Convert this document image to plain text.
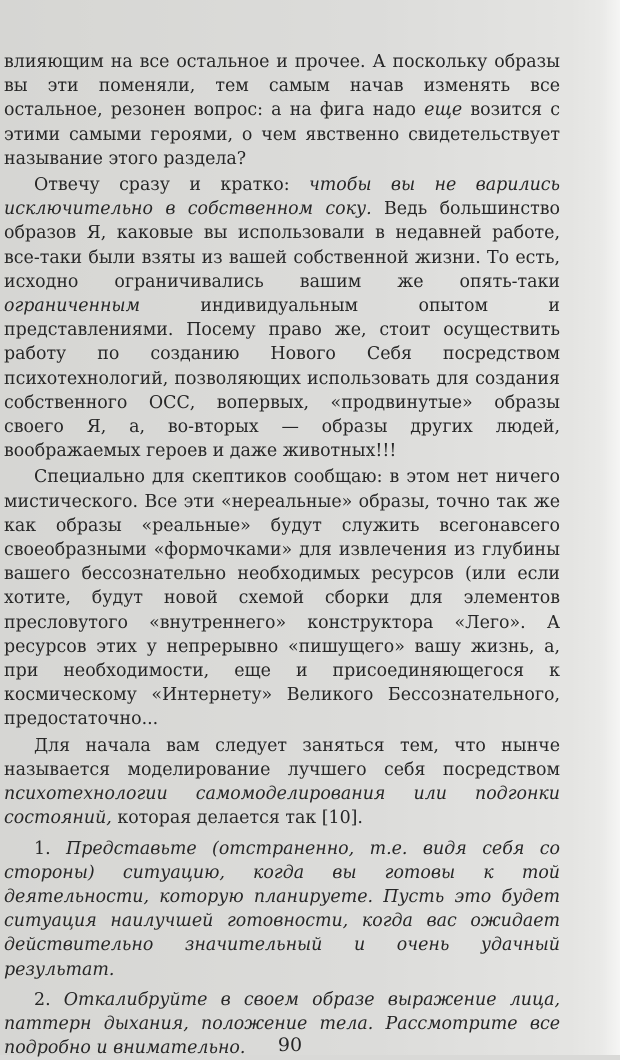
влияющим на все остальное и прочее. А поскольку образы вы эти поменяли, тем самым начав изменять все остальное, резонен вопрос: а на фига надо еще возится с этими самыми героями, о чем явственно свидетельствует называние этого раздела?

Отвечу сразу и кратко: чтобы вы не варились исключительно в собственном соку. Ведь большинство образов Я, каковые вы использовали в недавней работе, все-таки были взяты из вашей собственной жизни. То есть, исходно ограничивались вашим же опять-таки ограниченным индивидуальным опытом и представлениями. Посему право же, стоит осуществить работу по созданию Нового Себя посредством психотехнологий, позволяющих использовать для создания собственного ОСС, вопервых, «продвинутые» образы своего Я, а, во-вторых — образы других людей, воображаемых героев и даже животных!!!

Специально для скептиков сообщаю: в этом нет ничего мистического. Все эти «нереальные» образы, точно так же как образы «реальные» будут служить всегонавсего своеобразными «формочками» для извлечения из глубины вашего бессознательно необходимых ресурсов (или если хотите, будут новой схемой сборки для элементов пресловутого «внутреннего» конструктора «Лего». А ресурсов этих у непрерывно «пишущего» вашу жизнь, а, при необходимости, еще и присоединяющегося к космическому «Интернету» Великого Бессознательного, предостаточно...

Для начала вам следует заняться тем, что нынче называется моделирование лучшего себя посредством психотехнологии самомоделирования или подгонки состояний, которая делается так [10].

1. Представьте (отстраненно, т.е. видя себя со стороны) ситуацию, когда вы готовы к той деятельности, которую планируете. Пусть это будет ситуация наилучшей готовности, когда вас ожидает действительно значительный и очень удачный результат.

2. Откалибруйте в своем образе выражение лица, паттерн дыхания, положение тела. Рассмотрите все подробно и внимательно.	90
